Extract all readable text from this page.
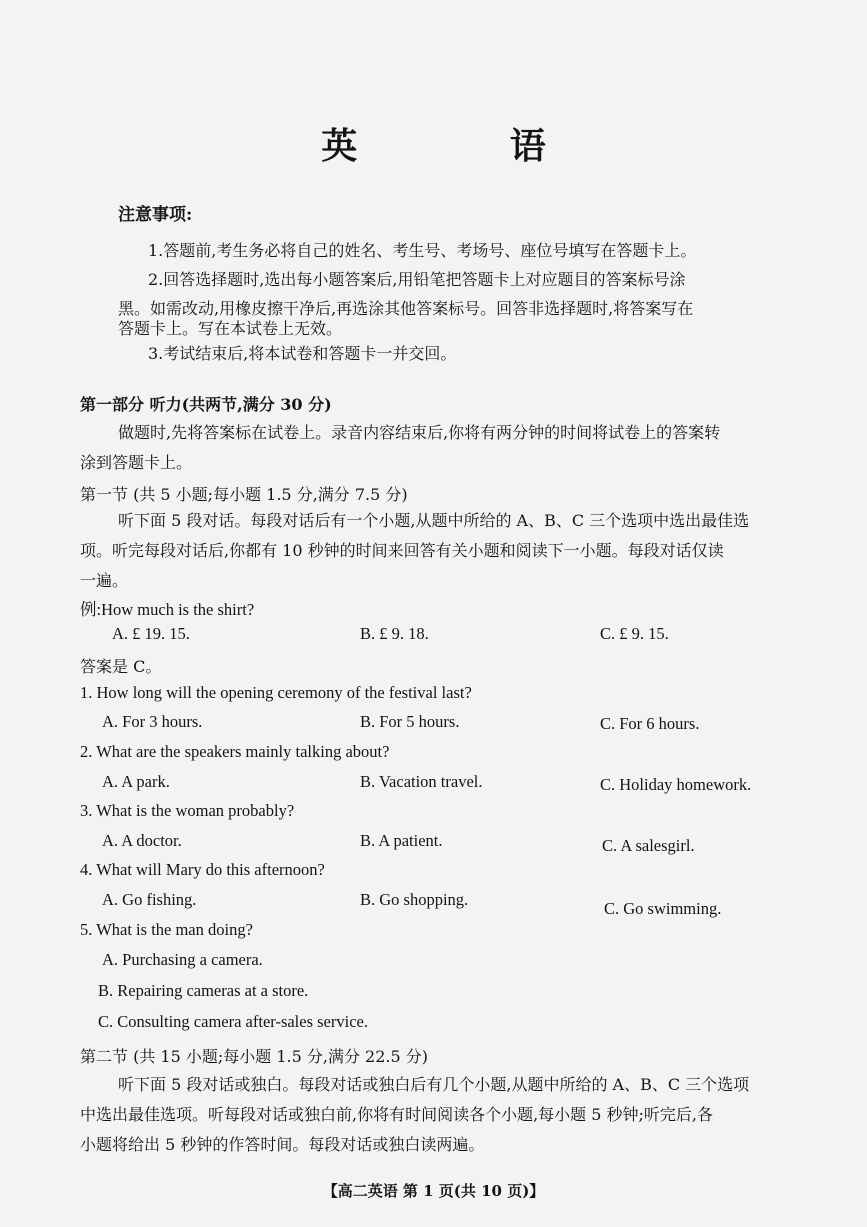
英 语
注意事项:
1.答题前,考生务必将自己的姓名、考生号、考场号、座位号填写在答题卡上。
2.回答选择题时,选出每小题答案后,用铅笔把答题卡上对应题目的答案标号涂
黑。如需改动,用橡皮擦干净后,再选涂其他答案标号。回答非选择题时,将答案写在
答题卡上。写在本试卷上无效。
3.考试结束后,将本试卷和答题卡一并交回。
第一部分 听力(共两节,满分 30 分)
做题时,先将答案标在试卷上。录音内容结束后,你将有两分钟的时间将试卷上的答案转
涂到答题卡上。
第一节 (共 5 小题;每小题 1.5 分,满分 7.5 分)
听下面 5 段对话。每段对话后有一个小题,从题中所给的 A、B、C 三个选项中选出最佳选
项。听完每段对话后,你都有 10 秒钟的时间来回答有关小题和阅读下一小题。每段对话仅读
一遍。
例:How much is the shirt?
A. £ 19. 15.	B. £ 9. 18.	C. £ 9. 15.
答案是 C。
1. How long will the opening ceremony of the festival last?
A. For 3 hours.	B. For 5 hours.	C. For 6 hours.
2. What are the speakers mainly talking about?
A. A park.	B. Vacation travel.	C. Holiday homework.
3. What is the woman probably?
A. A doctor.	B. A patient.	C. A salesgirl.
4. What will Mary do this afternoon?
A. Go fishing.	B. Go shopping.	C. Go swimming.
5. What is the man doing?
A. Purchasing a camera.
B. Repairing cameras at a store.
C. Consulting camera after-sales service.
第二节 (共 15 小题;每小题 1.5 分,满分 22.5 分)
听下面 5 段对话或独白。每段对话或独白后有几个小题,从题中所给的 A、B、C 三个选项
中选出最佳选项。听每段对话或独白前,你将有时间阅读各个小题,每小题 5 秒钟;听完后,各
小题将给出 5 秒钟的作答时间。每段对话或独白读两遍。
【高二英语 第 1 页(共 10 页)】
